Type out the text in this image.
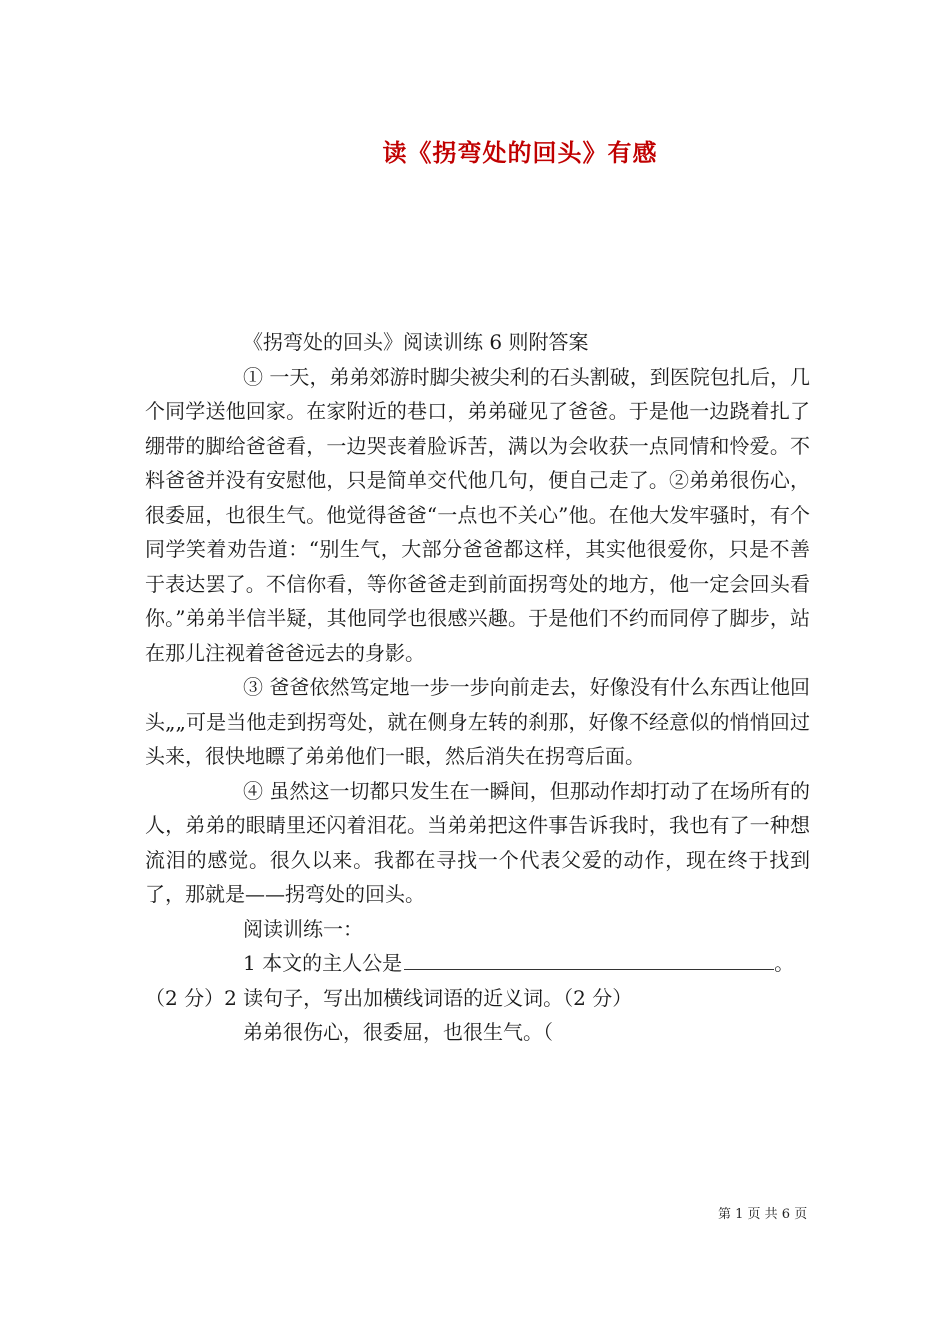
读《拐弯处的回头》有感

《拐弯处的回头》阅读训练 6 则附答案

① 一天，弟弟郊游时脚尖被尖利的石头割破，到医院包扎后，几个同学送他回家。在家附近的巷口，弟弟碰见了爸爸。于是他一边跷着扎了绷带的脚给爸爸看，一边哭丧着脸诉苦，满以为会收获一点同情和怜爱。不料爸爸并没有安慰他，只是简单交代他几句，便自己走了。②弟弟很伤心，很委屈，也很生气。他觉得爸爸“一点也不关心”他。在他大发牢骚时，有个同学笑着劝告道：“别生气，大部分爸爸都这样，其实他很爱你，只是不善于表达罢了。不信你看，等你爸爸走到前面拐弯处的地方，他一定会回头看你。”弟弟半信半疑，其他同学也很感兴趣。于是他们不约而同停了脚步，站在那儿注视着爸爸远去的身影。

③ 爸爸依然笃定地一步一步向前走去，好像没有什么东西让他回头„„可是当他走到拐弯处，就在侧身左转的刹那，好像不经意似的悄悄回过头来，很快地瞟了弟弟他们一眼，然后消失在拐弯后面。

④ 虽然这一切都只发生在一瞬间，但那动作却打动了在场所有的人，弟弟的眼睛里还闪着泪花。当弟弟把这件事告诉我时，我也有了一种想流泪的感觉。很久以来。我都在寻找一个代表父爱的动作，现在终于找到了，那就是——拐弯处的回头。

阅读训练一：

1 本文的主人公是	。

（2 分）2 读句子，写出加横线词语的近义词。（2 分）

弟弟很伤心，很委屈，也很生气。（

第 1 页 共 6 页
